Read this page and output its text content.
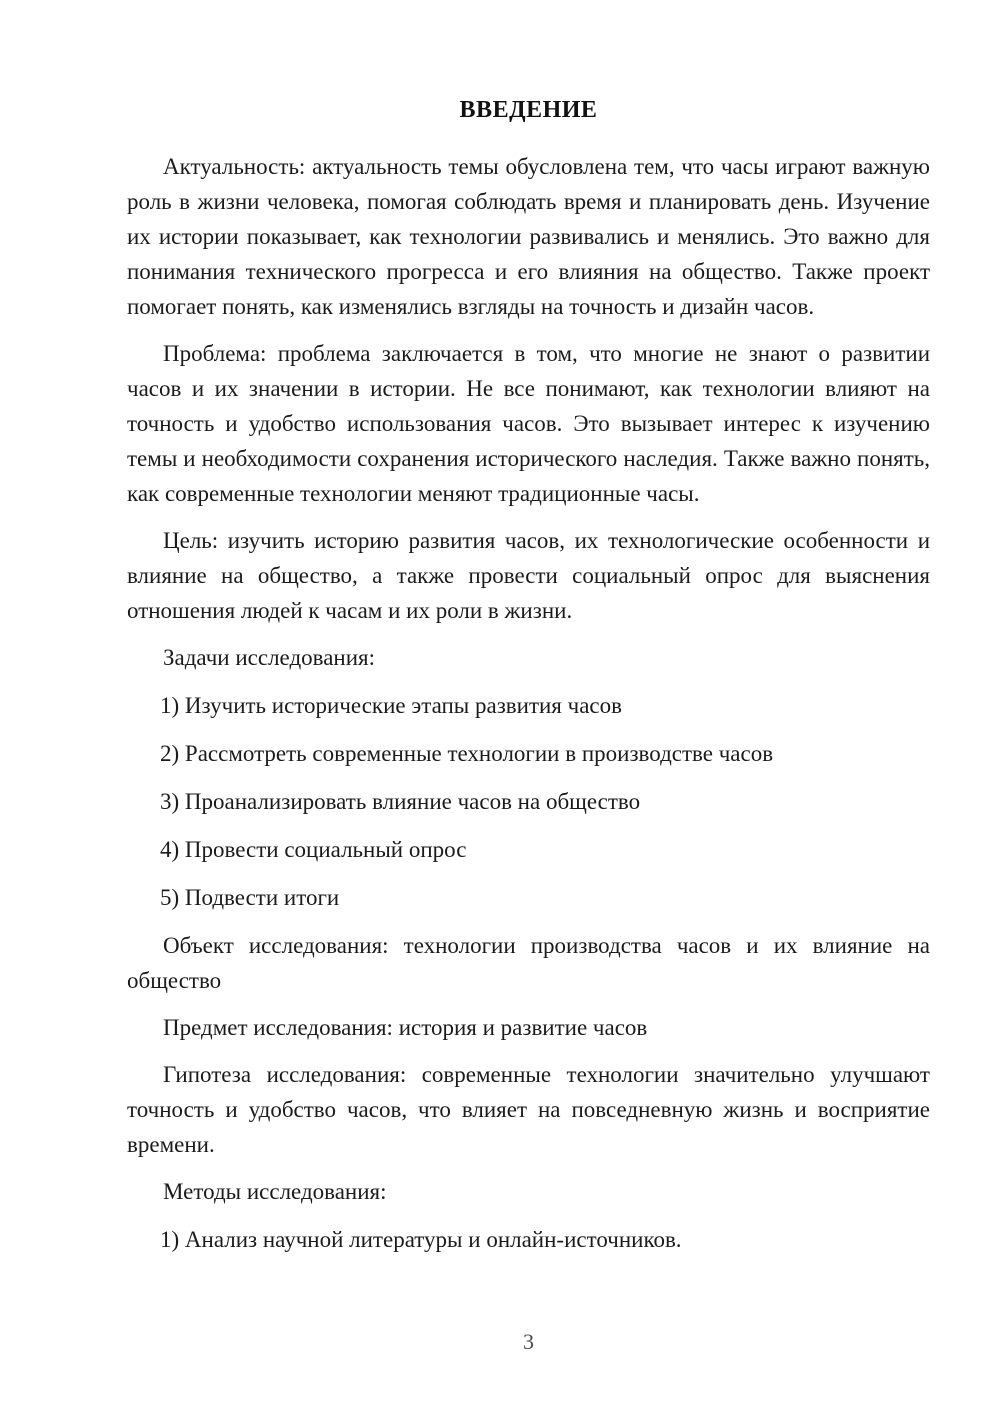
ВВЕДЕНИЕ

Актуальность: актуальность темы обусловлена тем, что часы играют важную роль в жизни человека, помогая соблюдать время и планировать день. Изучение их истории показывает, как технологии развивались и менялись. Это важно для понимания технического прогресса и его влияния на общество. Также проект помогает понять, как изменялись взгляды на точность и дизайн часов.

Проблема: проблема заключается в том, что многие не знают о развитии часов и их значении в истории. Не все понимают, как технологии влияют на точность и удобство использования часов. Это вызывает интерес к изучению темы и необходимости сохранения исторического наследия. Также важно понять, как современные технологии меняют традиционные часы.

Цель: изучить историю развития часов, их технологические особенности и влияние на общество, а также провести социальный опрос для выяснения отношения людей к часам и их роли в жизни.

Задачи исследования:

1) Изучить исторические этапы развития часов
2) Рассмотреть современные технологии в производстве часов
3) Проанализировать влияние часов на общество
4) Провести социальный опрос
5) Подвести итоги

Объект исследования: технологии производства часов и их влияние на общество

Предмет исследования: история и развитие часов

Гипотеза исследования: современные технологии значительно улучшают точность и удобство часов, что влияет на повседневную жизнь и восприятие времени.

Методы исследования:

1) Анализ научной литературы и онлайн-источников.
3
